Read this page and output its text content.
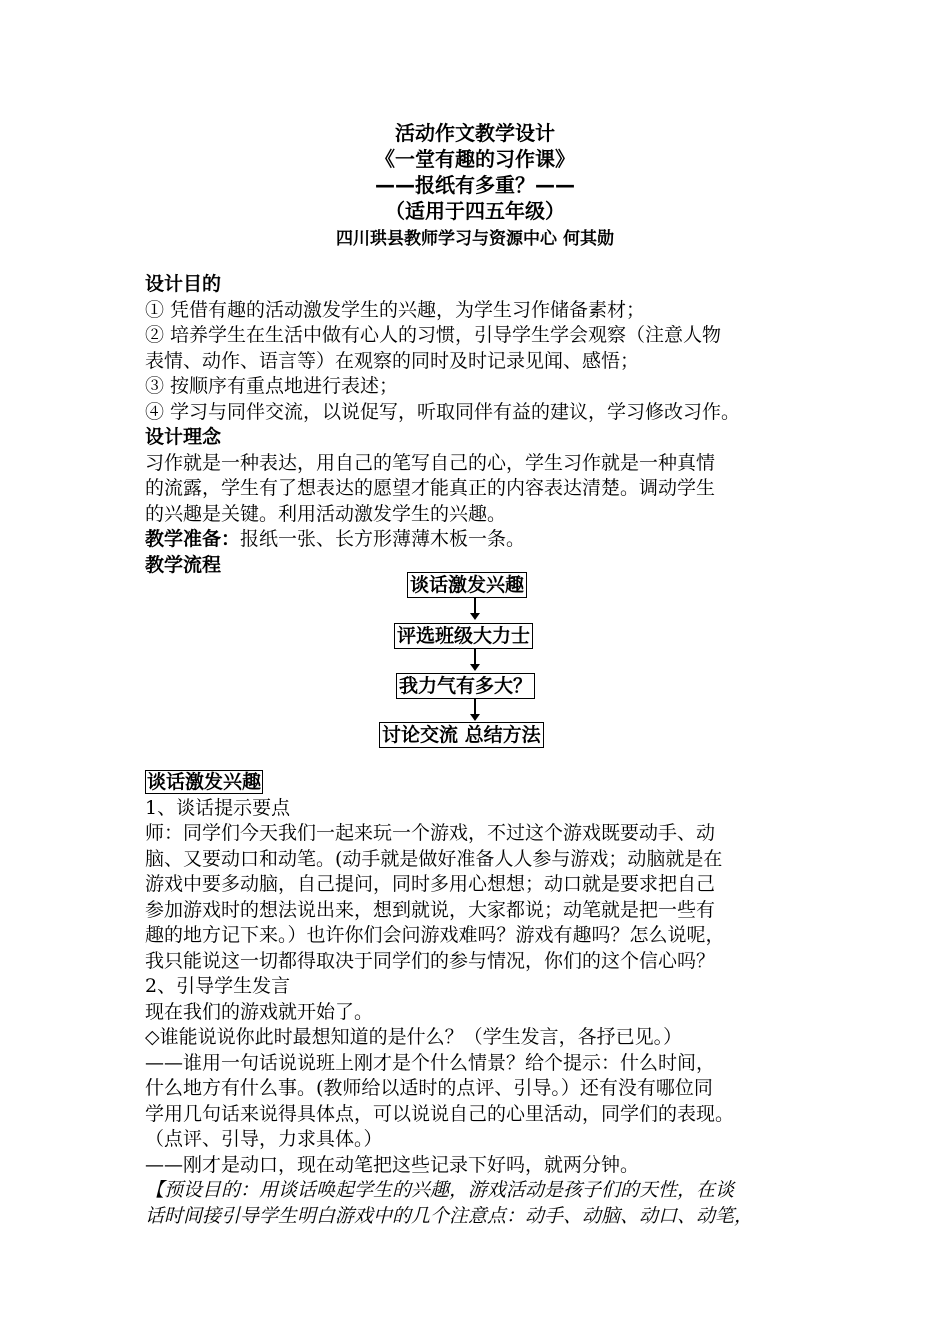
活动作文教学设计
《一堂有趣的习作课》
——报纸有多重？——
（适用于四五年级）
四川珙县教师学习与资源中心 何其勋

设计目的

① 凭借有趣的活动激发学生的兴趣，为学生习作储备素材；

② 培养学生在生活中做有心人的习惯，引导学生学会观察（注意人物

表情、动作、语言等）在观察的同时及时记录见闻、感悟；

③ 按顺序有重点地进行表述；

④ 学习与同伴交流，以说促写，听取同伴有益的建议，学习修改习作。

设计理念

习作就是一种表达，用自己的笔写自己的心，学生习作就是一种真情

的流露，学生有了想表达的愿望才能真正的内容表达清楚。调动学生

的兴趣是关键。利用活动激发学生的兴趣。

教学准备：报纸一张、长方形薄薄木板一条。

教学流程

谈话激发兴趣
评选班级大力士
我力气有多大？
讨论交流 总结方法

谈话激发兴趣

1、谈话提示要点

师：同学们今天我们一起来玩一个游戏，不过这个游戏既要动手、动

脑、又要动口和动笔。(动手就是做好准备人人参与游戏；动脑就是在

游戏中要多动脑，自己提问，同时多用心想想；动口就是要求把自己

参加游戏时的想法说出来，想到就说，大家都说；动笔就是把一些有

趣的地方记下来。）也许你们会问游戏难吗？游戏有趣吗？怎么说呢，

我只能说这一切都得取决于同学们的参与情况，你们的这个信心吗？

2、引导学生发言

现在我们的游戏就开始了。

◇谁能说说你此时最想知道的是什么？（学生发言，各抒已见。）

——谁用一句话说说班上刚才是个什么情景？给个提示：什么时间，

什么地方有什么事。(教师给以适时的点评、引导。）还有没有哪位同

学用几句话来说得具体点，可以说说自己的心里活动，同学们的表现。

（点评、引导，力求具体。）

——刚才是动口，现在动笔把这些记录下好吗，就两分钟。

【预设目的：用谈话唤起学生的兴趣，游戏活动是孩子们的天性，在谈

话时间接引导学生明白游戏中的几个注意点：动手、动脑、动口、动笔，
